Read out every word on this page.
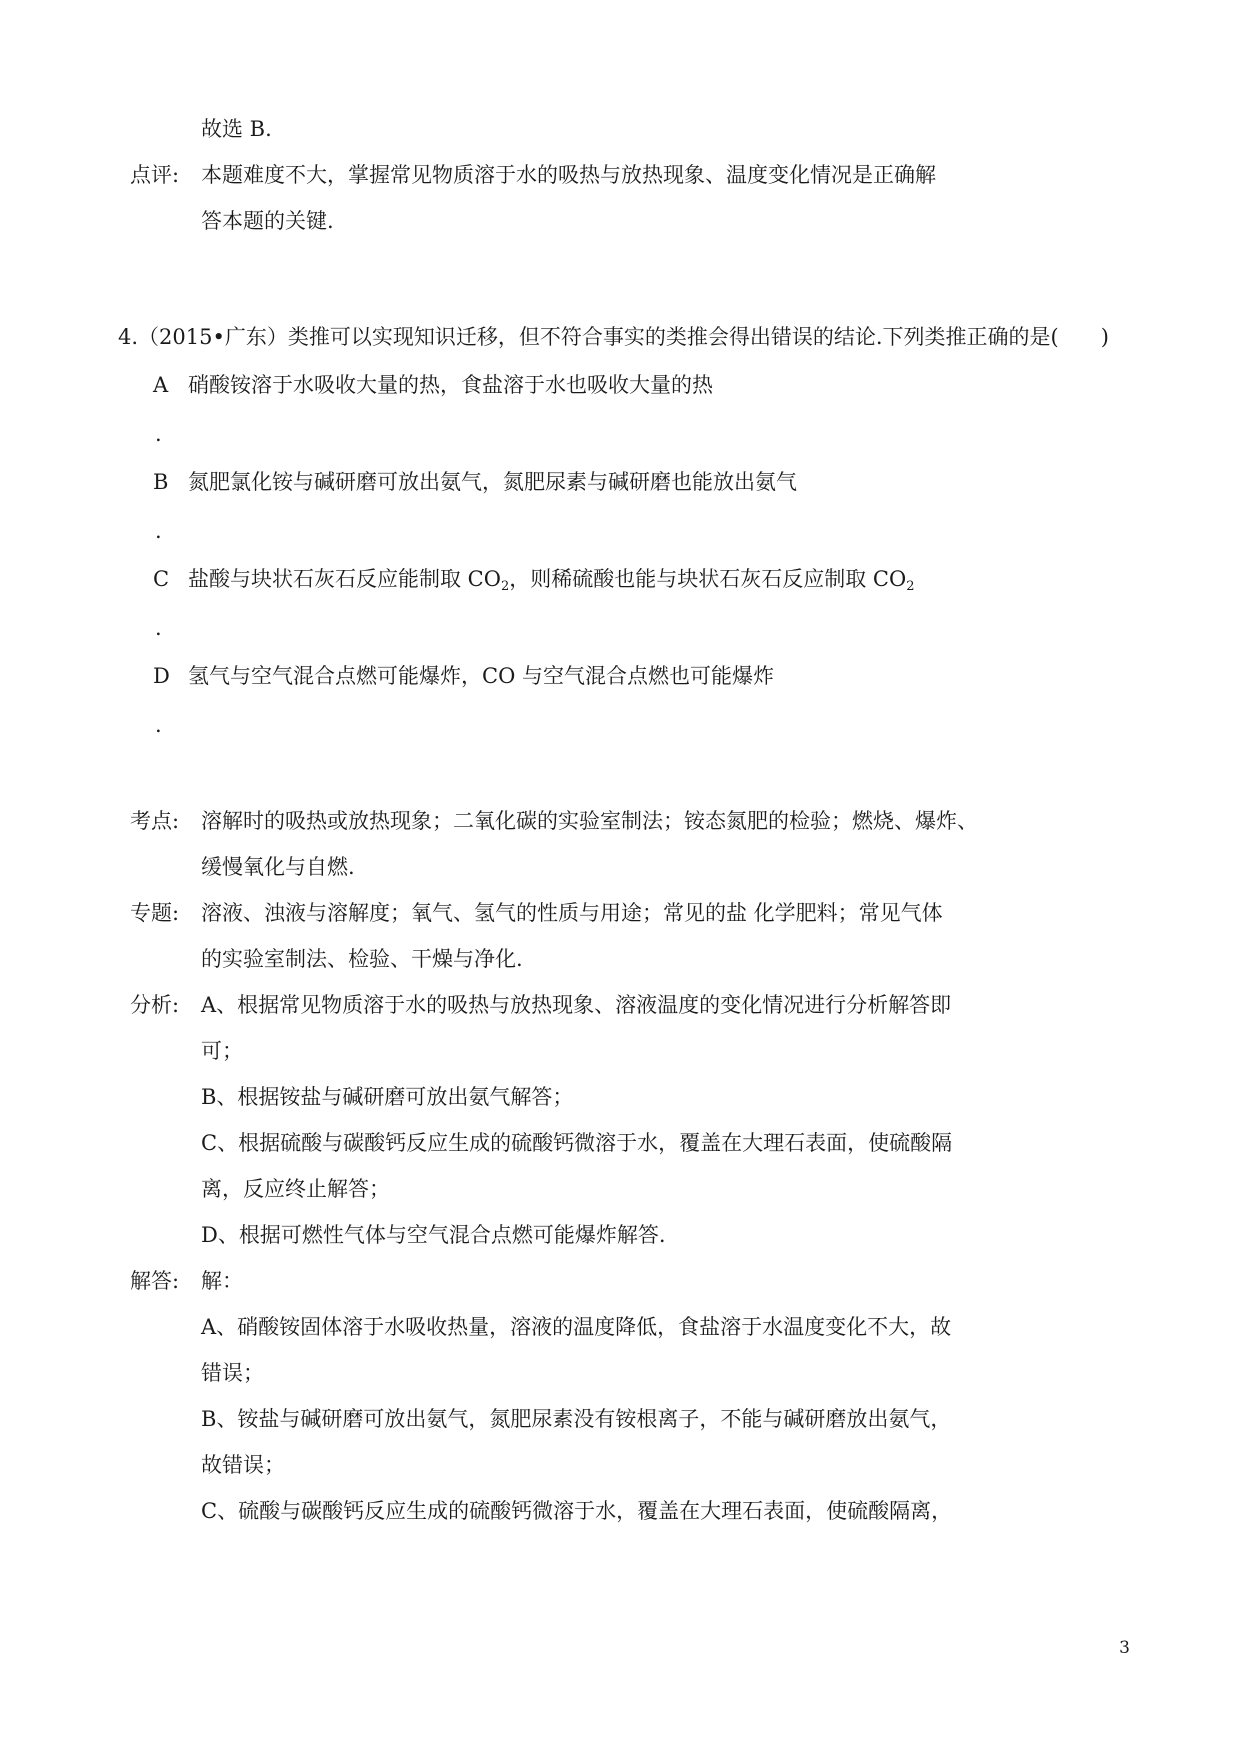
故选 B.
点评: 本题难度不大，掌握常见物质溶于水的吸热与放热现象、温度变化情况是正确解
答本题的关键.
4.（2015•广东）类推可以实现知识迁移，但不符合事实的类推会得出错误的结论.下列类推正确的是(　　)
A 硝酸铵溶于水吸收大量的热，食盐溶于水也吸收大量的热
.
B 氮肥氯化铵与碱研磨可放出氨气，氮肥尿素与碱研磨也能放出氨气
.
C 盐酸与块状石灰石反应能制取 $CO_2$，则稀硫酸也能与块状石灰石反应制取 $CO_2$
.
D 氢气与空气混合点燃可能爆炸，CO 与空气混合点燃也可能爆炸
.
考点: 溶解时的吸热或放热现象；二氧化碳的实验室制法；铵态氮肥的检验；燃烧、爆炸、
缓慢氧化与自燃.
专题: 溶液、浊液与溶解度；氧气、氢气的性质与用途；常见的盐 化学肥料；常见气体
的实验室制法、检验、干燥与净化.
分析: A、根据常见物质溶于水的吸热与放热现象、溶液温度的变化情况进行分析解答即
可；
B、根据铵盐与碱研磨可放出氨气解答；
C、根据硫酸与碳酸钙反应生成的硫酸钙微溶于水，覆盖在大理石表面，使硫酸隔
离，反应终止解答；
D、根据可燃性气体与空气混合点燃可能爆炸解答.
解答: 解：
A、硝酸铵固体溶于水吸收热量，溶液的温度降低，食盐溶于水温度变化不大，故
错误；
B、铵盐与碱研磨可放出氨气，氮肥尿素没有铵根离子，不能与碱研磨放出氨气，
故错误；
C、硫酸与碳酸钙反应生成的硫酸钙微溶于水，覆盖在大理石表面，使硫酸隔离，
3
